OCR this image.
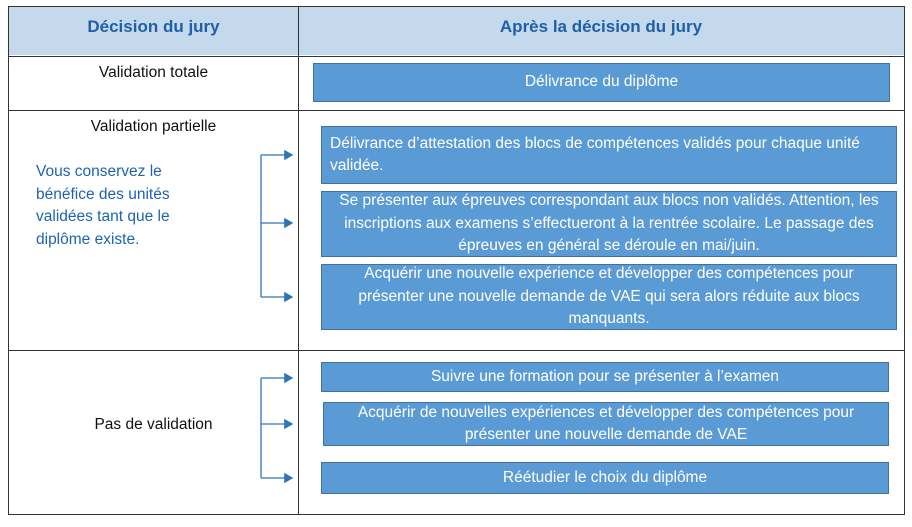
Décision du jury	Après la décision du jury
Validation totale
Délivrance du diplôme
Validation partielle
Vous conservez le bénéfice des unités validées tant que le diplôme existe.
Délivrance d’attestation des blocs de compétences validés pour chaque unité validée.
Se présenter aux épreuves correspondant aux blocs non validés. Attention, les inscriptions aux examens s’effectueront à la rentrée scolaire. Le passage des épreuves en général se déroule en mai/juin.
Acquérir une nouvelle expérience et développer des compétences pour présenter une nouvelle demande de VAE qui sera alors réduite aux blocs manquants.
Pas de validation
Suivre une formation pour se présenter à l’examen
Acquérir de nouvelles expériences et développer des compétences pour présenter une nouvelle demande de VAE
Réétudier le choix du diplôme
